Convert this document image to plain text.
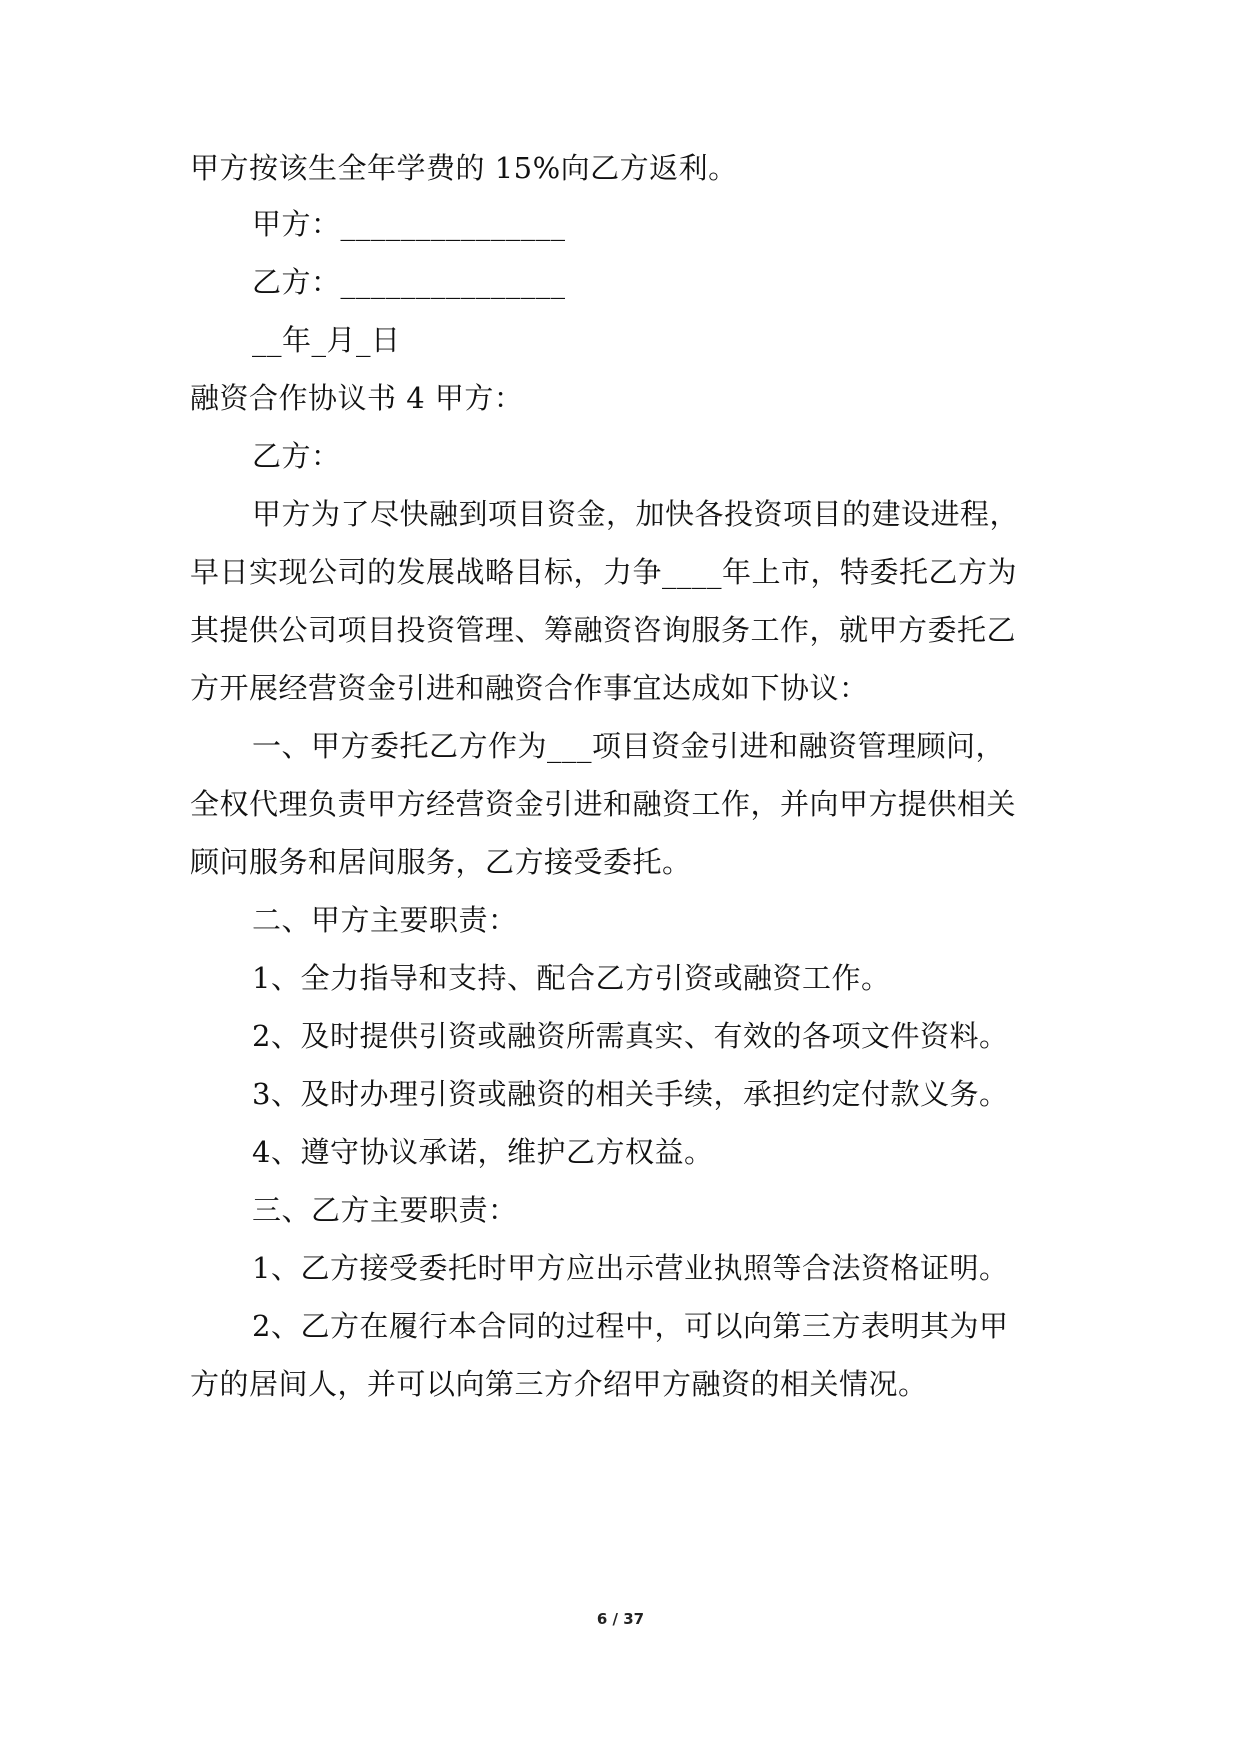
甲方按该生全年学费的 15%向乙方返利。
甲方：_______________
乙方：_______________
__年_月_日
融资合作协议书 4 甲方：
乙方：
甲方为了尽快融到项目资金，加快各投资项目的建设进程，
早日实现公司的发展战略目标，力争____年上市，特委托乙方为
其提供公司项目投资管理、筹融资咨询服务工作，就甲方委托乙
方开展经营资金引进和融资合作事宜达成如下协议：
一、甲方委托乙方作为___项目资金引进和融资管理顾问，
全权代理负责甲方经营资金引进和融资工作，并向甲方提供相关
顾问服务和居间服务，乙方接受委托。
二、甲方主要职责：
1、全力指导和支持、配合乙方引资或融资工作。
2、及时提供引资或融资所需真实、有效的各项文件资料。
3、及时办理引资或融资的相关手续，承担约定付款义务。
4、遵守协议承诺，维护乙方权益。
三、乙方主要职责：
1、乙方接受委托时甲方应出示营业执照等合法资格证明。
2、乙方在履行本合同的过程中，可以向第三方表明其为甲
方的居间人，并可以向第三方介绍甲方融资的相关情况。
6 / 37
